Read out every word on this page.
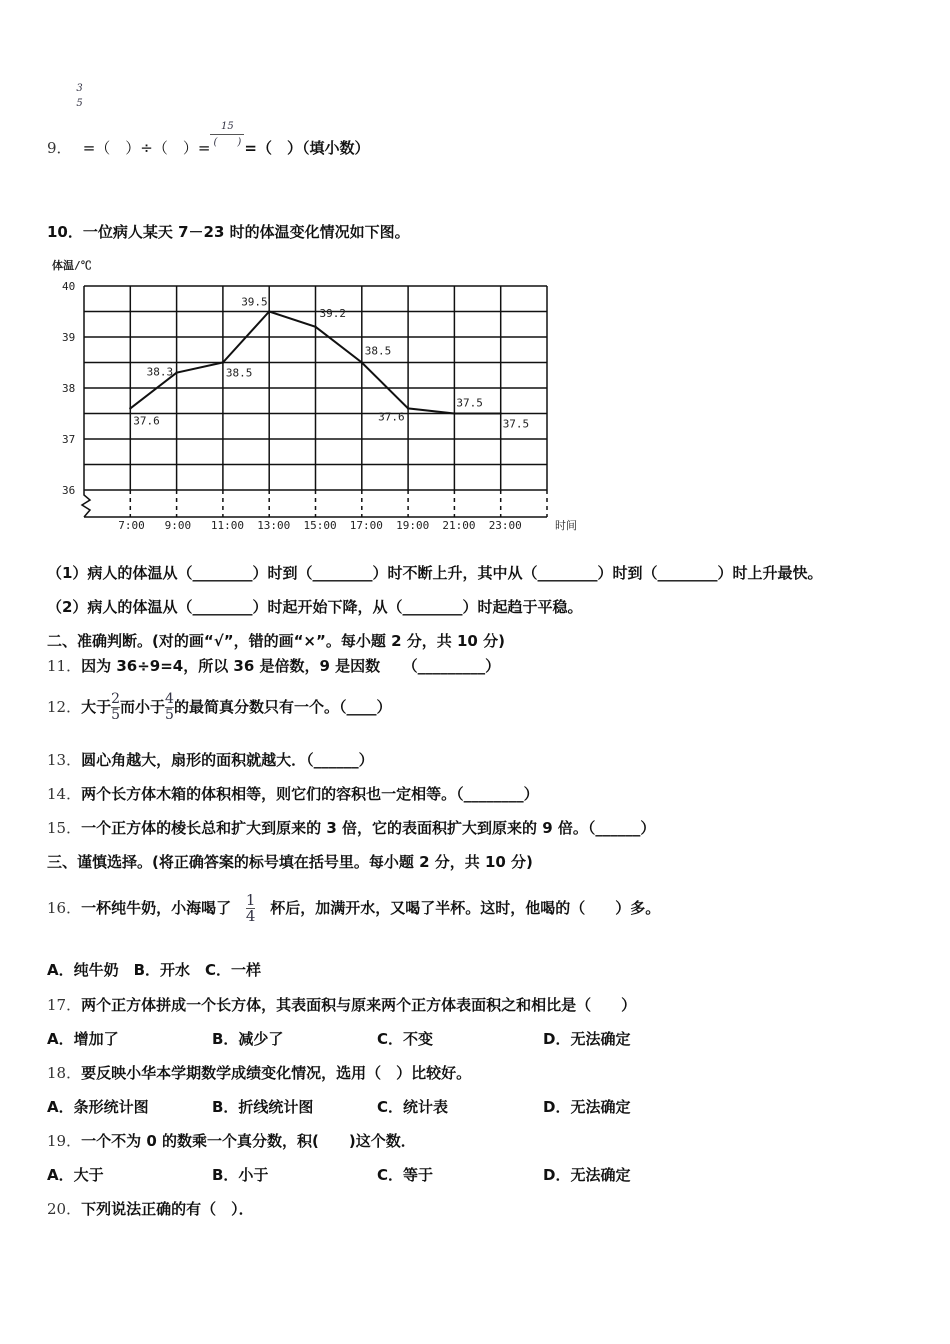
9．
3
5
=（　）÷（　）= $\frac{15}{( )}$ =（　）（填小数）
10．一位病人某天 7－23 时的体温变化情况如下图。
体温/℃
时间
36
37
38
39
40
7:00 9:00 11:00 13:00 15:00 17:00 19:00 21:00 23:00
37.6
38.3	38.5
39.5
39.2
38.5
37.6
37.5
37.5
（1）病人的体温从（________）时到（________）时不断上升，其中从（________）时到（________）时上升最快。
（2）病人的体温从（________）时起开始下降，从（________）时起趋于平稳。
二、准确判断。(对的画“√”，错的画“×”。每小题 2 分，共 10 分)
11．因为 36÷9=4，所以 36 是倍数，9 是因数　　（_________）
12．大于 $\frac{2}{5}$ 而小于 $\frac{4}{5}$ 的最简真分数只有一个。（____）
13．圆心角越大，扇形的面积就越大．（______）
14．两个长方体木箱的体积相等，则它们的容积也一定相等。（________）
15．一个正方体的棱长总和扩大到原来的 3 倍，它的表面积扩大到原来的 9 倍。（______）
三、谨慎选择。(将正确答案的标号填在括号里。每小题 2 分，共 10 分)
16．一杯纯牛奶，小海喝了 $\frac{1}{4}$ 杯后，加满开水，又喝了半杯。这时，他喝的（　　）多。
A．纯牛奶　B．开水　C．一样
17．两个正方体拼成一个长方体，其表面积与原来两个正方体表面积之和相比是（　　）
A．增加了	B．减少了	C．不变	D．无法确定
18．要反映小华本学期数学成绩变化情况，选用（　）比较好。
A．条形统计图	B．折线统计图	C．统计表	D．无法确定
19．一个不为 0 的数乘一个真分数，积(　　)这个数．
A．大于	B．小于	C．等于	D．无法确定
20．下列说法正确的有（　）．
